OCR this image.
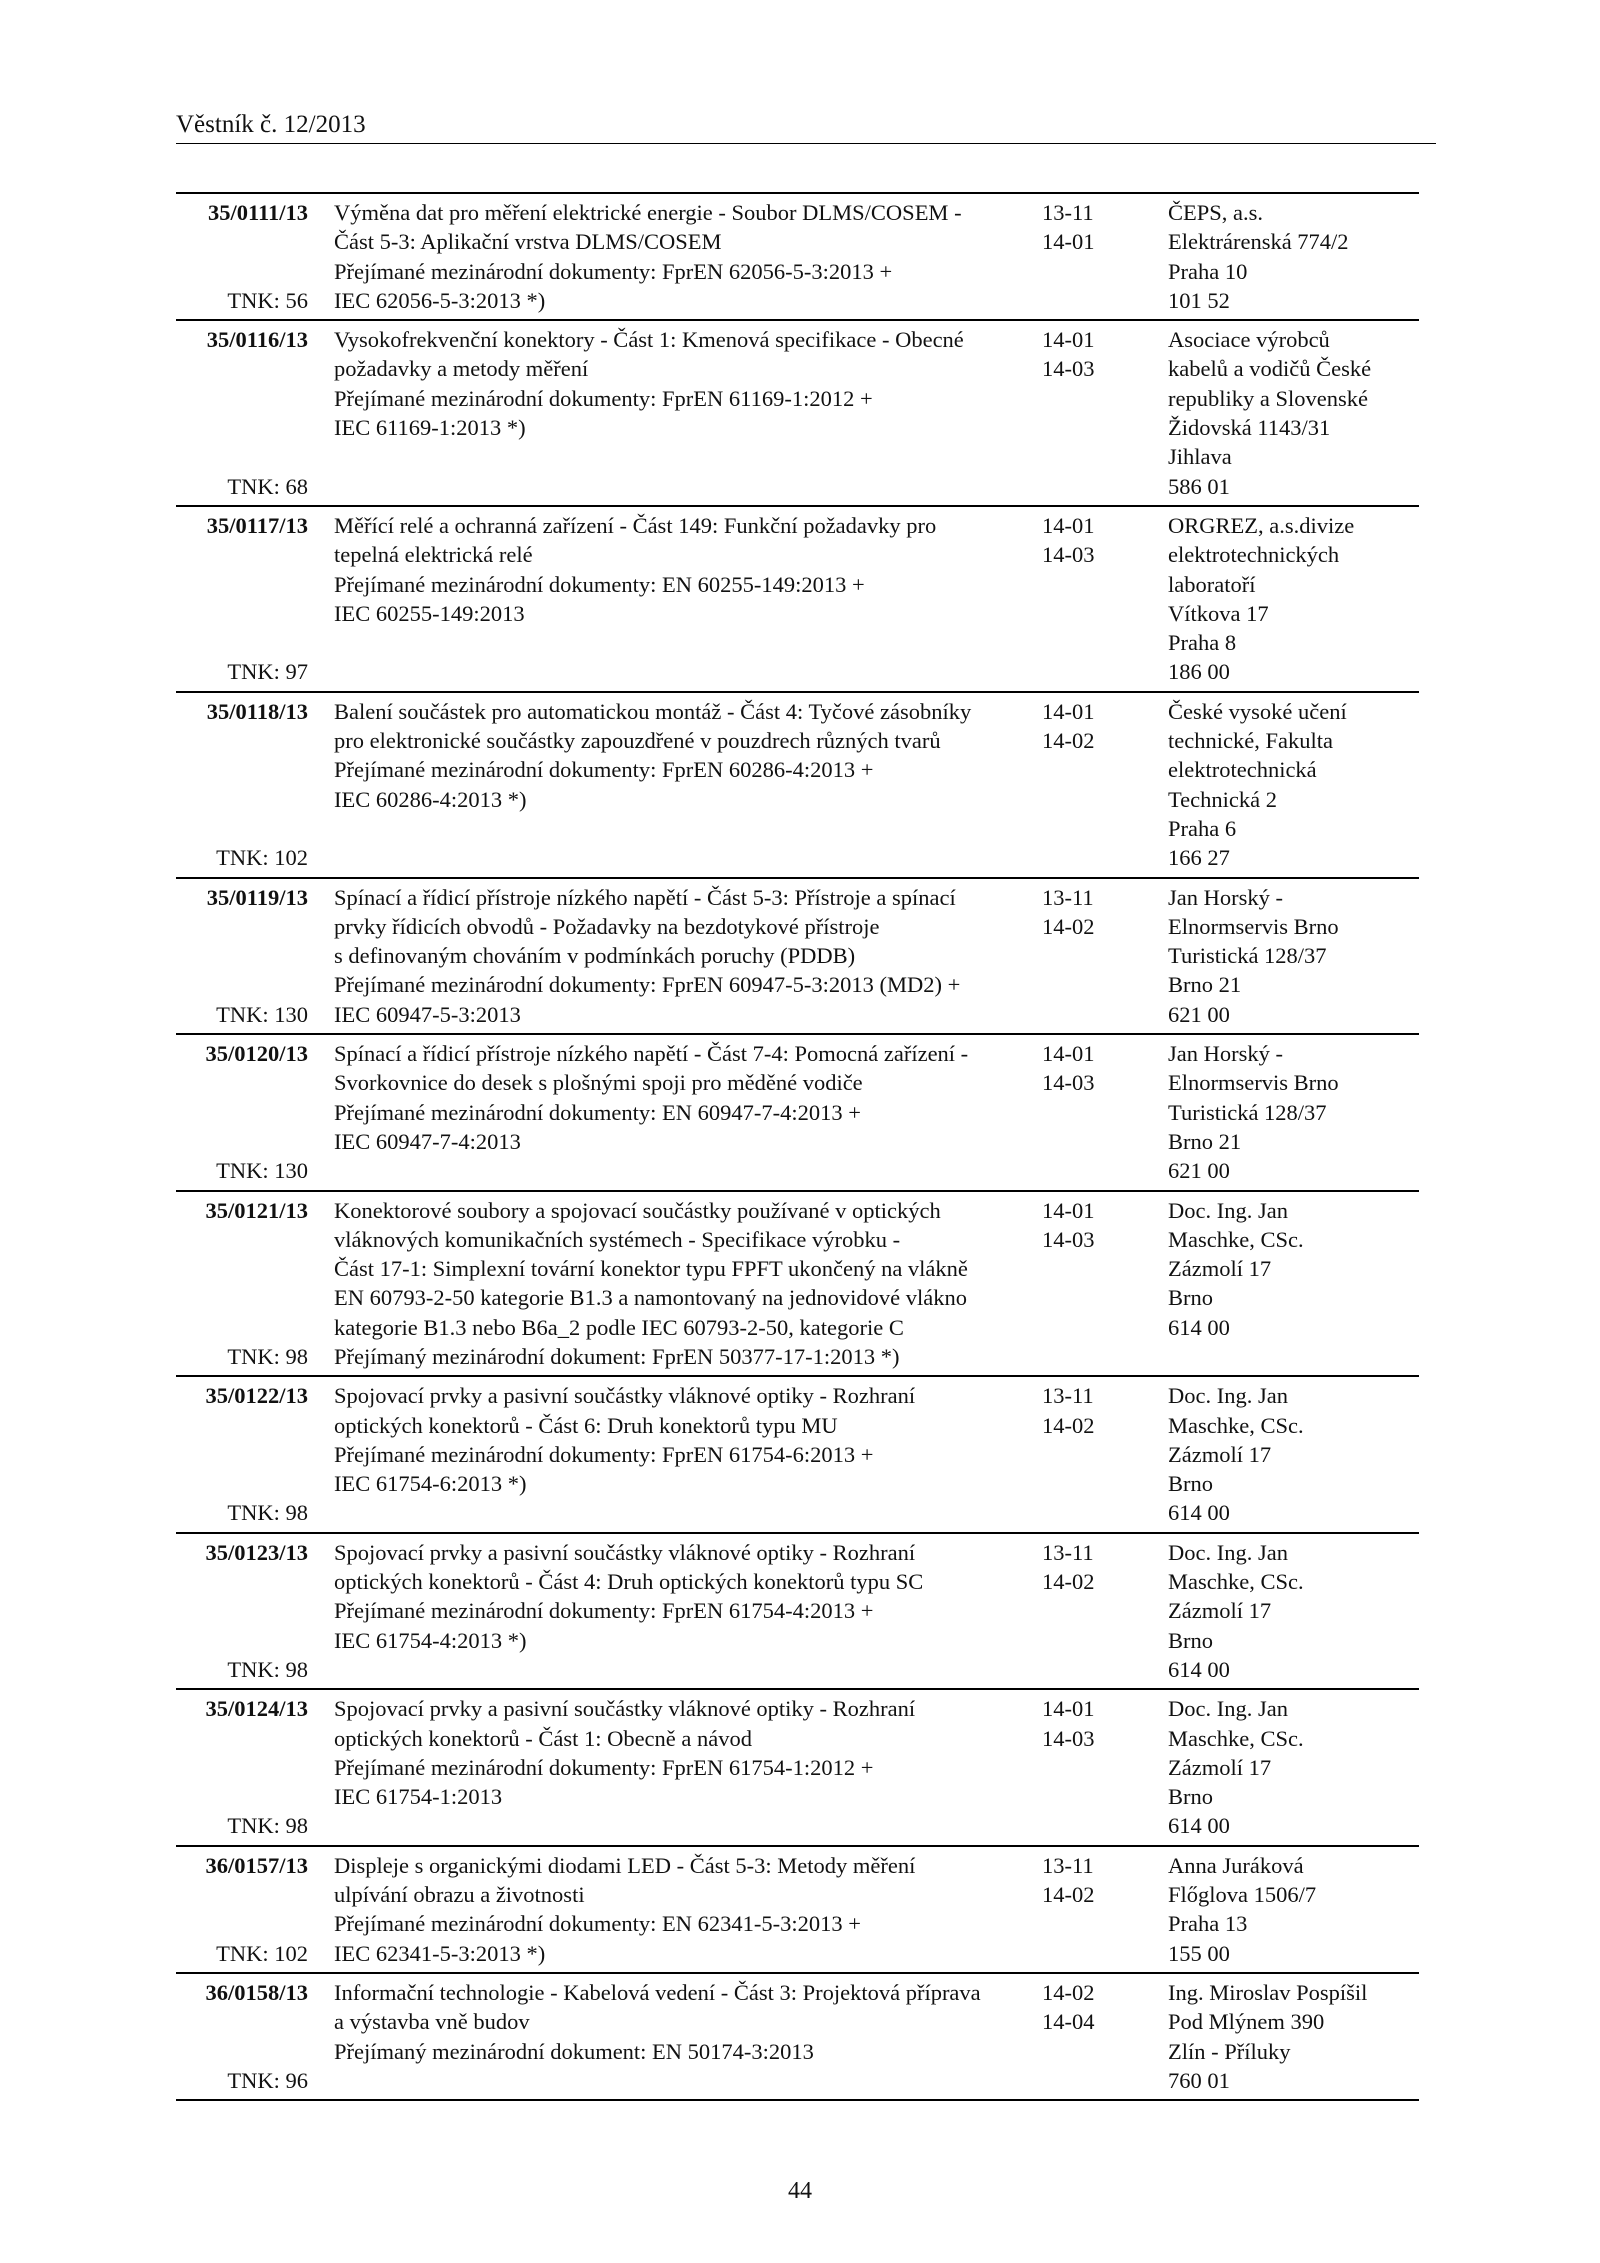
Věstník č. 12/2013
35/0111/13
TNK: 56
Výměna dat pro měření elektrické energie - Soubor DLMS/COSEM -
Část 5-3: Aplikační vrstva DLMS/COSEM
Přejímané mezinárodní dokumenty: FprEN 62056-5-3:2013 +
IEC 62056-5-3:2013 *)
13-11
14-01
ČEPS, a.s.
Elektrárenská 774/2
Praha 10
101 52
35/0116/13
TNK: 68
Vysokofrekvenční konektory - Část 1: Kmenová specifikace - Obecné
požadavky a metody měření
Přejímané mezinárodní dokumenty: FprEN 61169-1:2012 +
IEC 61169-1:2013 *)
14-01
14-03
Asociace výrobců
kabelů a vodičů České
republiky a Slovenské
Židovská 1143/31
Jihlava
586 01
35/0117/13
TNK: 97
Měřící relé a ochranná zařízení - Část 149: Funkční požadavky pro
tepelná elektrická relé
Přejímané mezinárodní dokumenty: EN 60255-149:2013 +
IEC 60255-149:2013
14-01
14-03
ORGREZ, a.s.divize
elektrotechnických
laboratoří
Vítkova 17
Praha 8
186 00
35/0118/13
TNK: 102
Balení součástek pro automatickou montáž - Část 4: Tyčové zásobníky
pro elektronické součástky zapouzdřené v pouzdrech různých tvarů
Přejímané mezinárodní dokumenty: FprEN 60286-4:2013 +
IEC 60286-4:2013 *)
14-01
14-02
České vysoké učení
technické, Fakulta
elektrotechnická
Technická 2
Praha 6
166 27
35/0119/13
TNK: 130
Spínací a řídicí přístroje nízkého napětí - Část 5-3: Přístroje a spínací
prvky řídicích obvodů - Požadavky na bezdotykové přístroje
s definovaným chováním v podmínkách poruchy (PDDB)
Přejímané mezinárodní dokumenty: FprEN 60947-5-3:2013 (MD2) +
IEC 60947-5-3:2013
13-11
14-02
Jan Horský -
Elnormservis Brno
Turistická 128/37
Brno 21
621 00
35/0120/13
TNK: 130
Spínací a řídicí přístroje nízkého napětí - Část 7-4: Pomocná zařízení -
Svorkovnice do desek s plošnými spoji pro měděné vodiče
Přejímané mezinárodní dokumenty: EN 60947-7-4:2013 +
IEC 60947-7-4:2013
14-01
14-03
Jan Horský -
Elnormservis Brno
Turistická 128/37
Brno 21
621 00
35/0121/13
TNK: 98
Konektorové soubory a spojovací součástky používané v optických
vláknových komunikačních systémech - Specifikace výrobku -
Část 17-1: Simplexní tovární konektor typu FPFT ukončený na vlákně
EN 60793-2-50 kategorie B1.3 a namontovaný na jednovidové vlákno
kategorie B1.3 nebo B6a_2 podle IEC 60793-2-50, kategorie C
Přejímaný mezinárodní dokument: FprEN 50377-17-1:2013 *)
14-01
14-03
Doc. Ing. Jan
Maschke, CSc.
Zázmolí 17
Brno
614 00
35/0122/13
TNK: 98
Spojovací prvky a pasivní součástky vláknové optiky - Rozhraní
optických konektorů - Část 6: Druh konektorů typu MU
Přejímané mezinárodní dokumenty: FprEN 61754-6:2013 +
IEC 61754-6:2013 *)
13-11
14-02
Doc. Ing. Jan
Maschke, CSc.
Zázmolí 17
Brno
614 00
35/0123/13
TNK: 98
Spojovací prvky a pasivní součástky vláknové optiky - Rozhraní
optických konektorů - Část 4: Druh optických konektorů typu SC
Přejímané mezinárodní dokumenty: FprEN 61754-4:2013 +
IEC 61754-4:2013 *)
13-11
14-02
Doc. Ing. Jan
Maschke, CSc.
Zázmolí 17
Brno
614 00
35/0124/13
TNK: 98
Spojovací prvky a pasivní součástky vláknové optiky - Rozhraní
optických konektorů - Část 1: Obecně a návod
Přejímané mezinárodní dokumenty: FprEN 61754-1:2012 +
IEC 61754-1:2013
14-01
14-03
Doc. Ing. Jan
Maschke, CSc.
Zázmolí 17
Brno
614 00
36/0157/13
TNK: 102
Displeje s organickými diodami LED - Část 5-3: Metody měření
ulpívání obrazu a životnosti
Přejímané mezinárodní dokumenty: EN 62341-5-3:2013 +
IEC 62341-5-3:2013 *)
13-11
14-02
Anna Juráková
Flőglova 1506/7
Praha 13
155 00
36/0158/13
TNK: 96
Informační technologie - Kabelová vedení - Část 3: Projektová příprava
a výstavba vně budov
Přejímaný mezinárodní dokument: EN 50174-3:2013
14-02
14-04
Ing. Miroslav Pospíšil
Pod Mlýnem 390
Zlín - Příluky
760 01
44
